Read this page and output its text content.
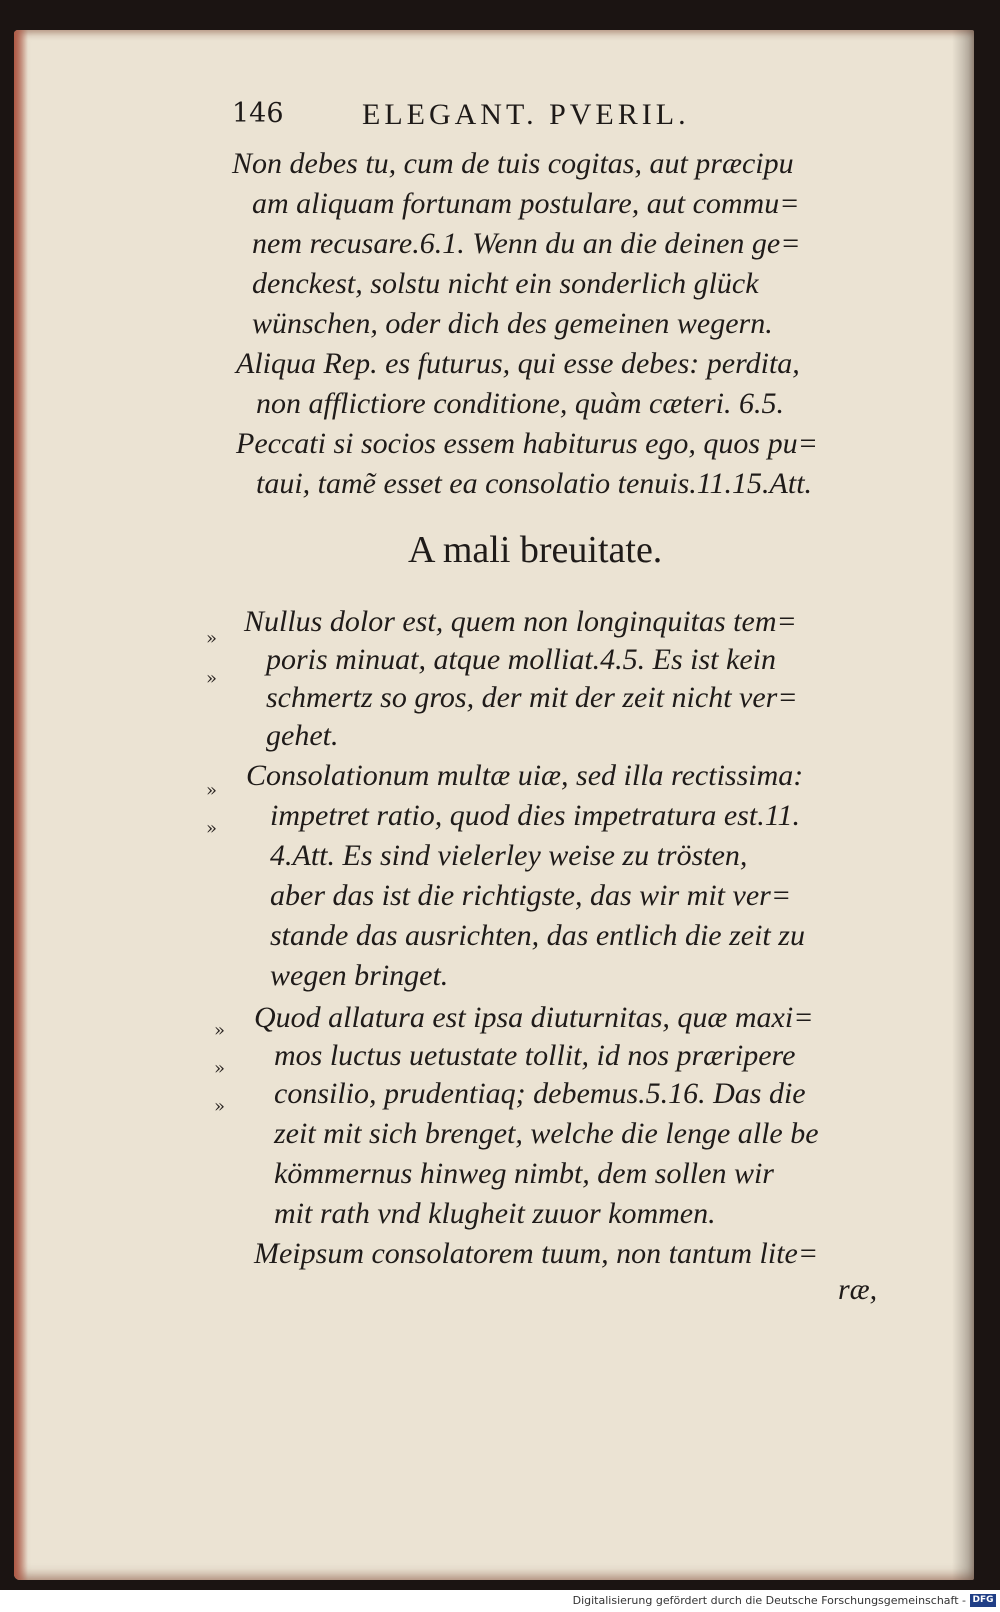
146	ELEGANT. PVERIL.
Non debes tu, cum de tuis cogitas, aut præcipu
am aliquam fortunam postulare, aut commu=
nem recusare.6.1. Wenn du an die deinen ge=
denckest, solstu nicht ein sonderlich glück
wünschen, oder dich des gemeinen wegern.
Aliqua Rep. es futurus, qui esse debes: perdita,
non afflictiore conditione, quàm cæteri. 6.5.
Peccati si socios essem habiturus ego, quos pu=
taui, tamẽ esset ea consolatio tenuis.11.15.Att.
A mali breuitate.
»
»
»
»
»
»
»
Nullus dolor est, quem non longinquitas tem=
poris minuat, atque molliat.4.5. Es ist kein
schmertz so gros, der mit der zeit nicht ver=
gehet.
Consolationum multæ uiæ, sed illa rectissima:
impetret ratio, quod dies impetratura est.11.
4.Att. Es sind vielerley weise zu trösten,
aber das ist die richtigste, das wir mit ver=
stande das ausrichten, das entlich die zeit zu
wegen bringet.
Quod allatura est ipsa diuturnitas, quæ maxi=
mos luctus uetustate tollit, id nos præripere
consilio, prudentiaq; debemus.5.16. Das die
zeit mit sich brenget, welche die lenge alle be
kömmernus hinweg nimbt, dem sollen wir
mit rath vnd klugheit zuuor kommen.
Meipsum consolatorem tuum, non tantum lite=
ræ,
Digitalisierung gefördert durch die Deutsche Forschungsgemeinschaft - DFG
